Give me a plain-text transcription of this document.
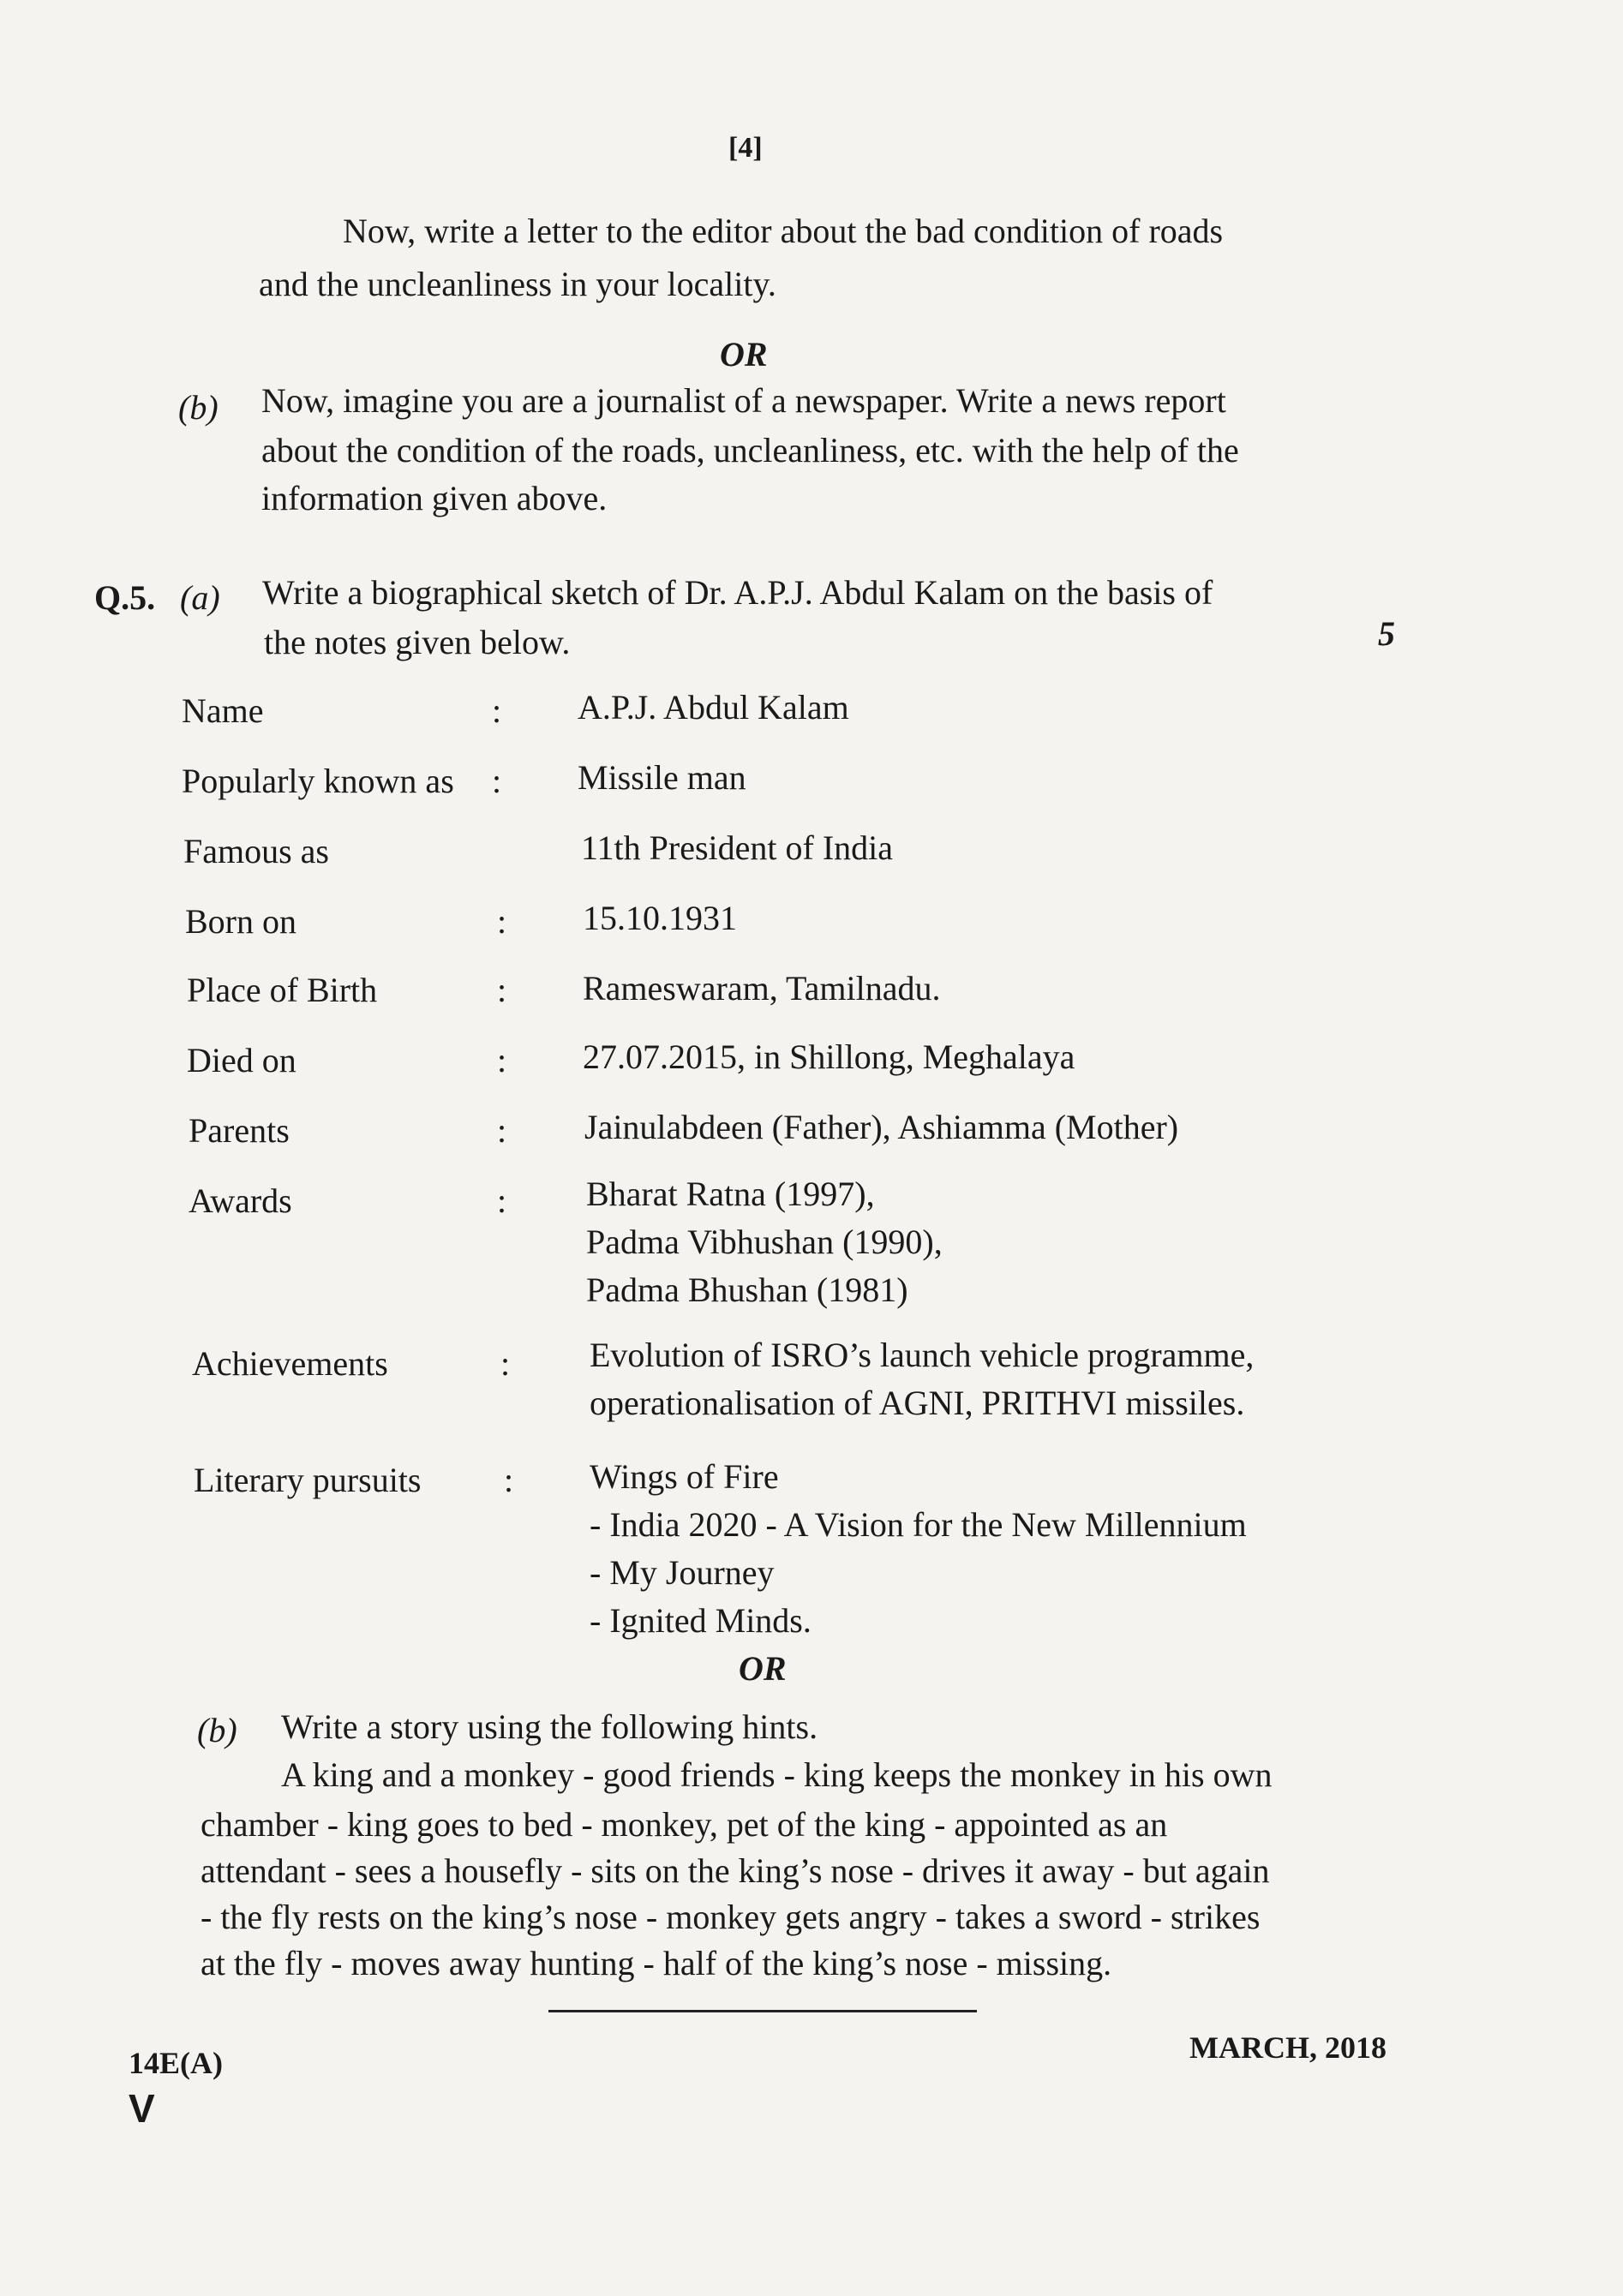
[4]
Now, write a letter to the editor about the bad condition of roads
and the uncleanliness in your locality.
OR
(b) Now, imagine you are a journalist of a newspaper. Write a news report
about the condition of the roads, uncleanliness, etc. with the help of the
information given above.
Q.5. (a) Write a biographical sketch of Dr. A.P.J. Abdul Kalam on the basis of
the notes given below.	5
Name	: A.P.J. Abdul Kalam
Popularly known as : Missile man
Famous as	11th President of India
Born on	: 15.10.1931
Place of Birth	: Rameswaram, Tamilnadu.
Died on	: 27.07.2015, in Shillong, Meghalaya
Parents	: Jainulabdeen (Father), Ashiamma (Mother)
Awards	: Bharat Ratna (1997),
Padma Vibhushan (1990),
Padma Bhushan (1981)
Achievements	: Evolution of ISRO’s launch vehicle programme,
operationalisation of AGNI, PRITHVI missiles.
Literary pursuits : Wings of Fire
- India 2020 - A Vision for the New Millennium
- My Journey
- Ignited Minds.
OR
(b) Write a story using the following hints.
A king and a monkey - good friends - king keeps the monkey in his own
chamber - king goes to bed - monkey, pet of the king - appointed as an
attendant - sees a housefly - sits on the king’s nose - drives it away - but again
- the fly rests on the king’s nose - monkey gets angry - takes a sword - strikes
at the fly - moves away hunting - half of the king’s nose - missing.
14E(A)	MARCH, 2018
V
